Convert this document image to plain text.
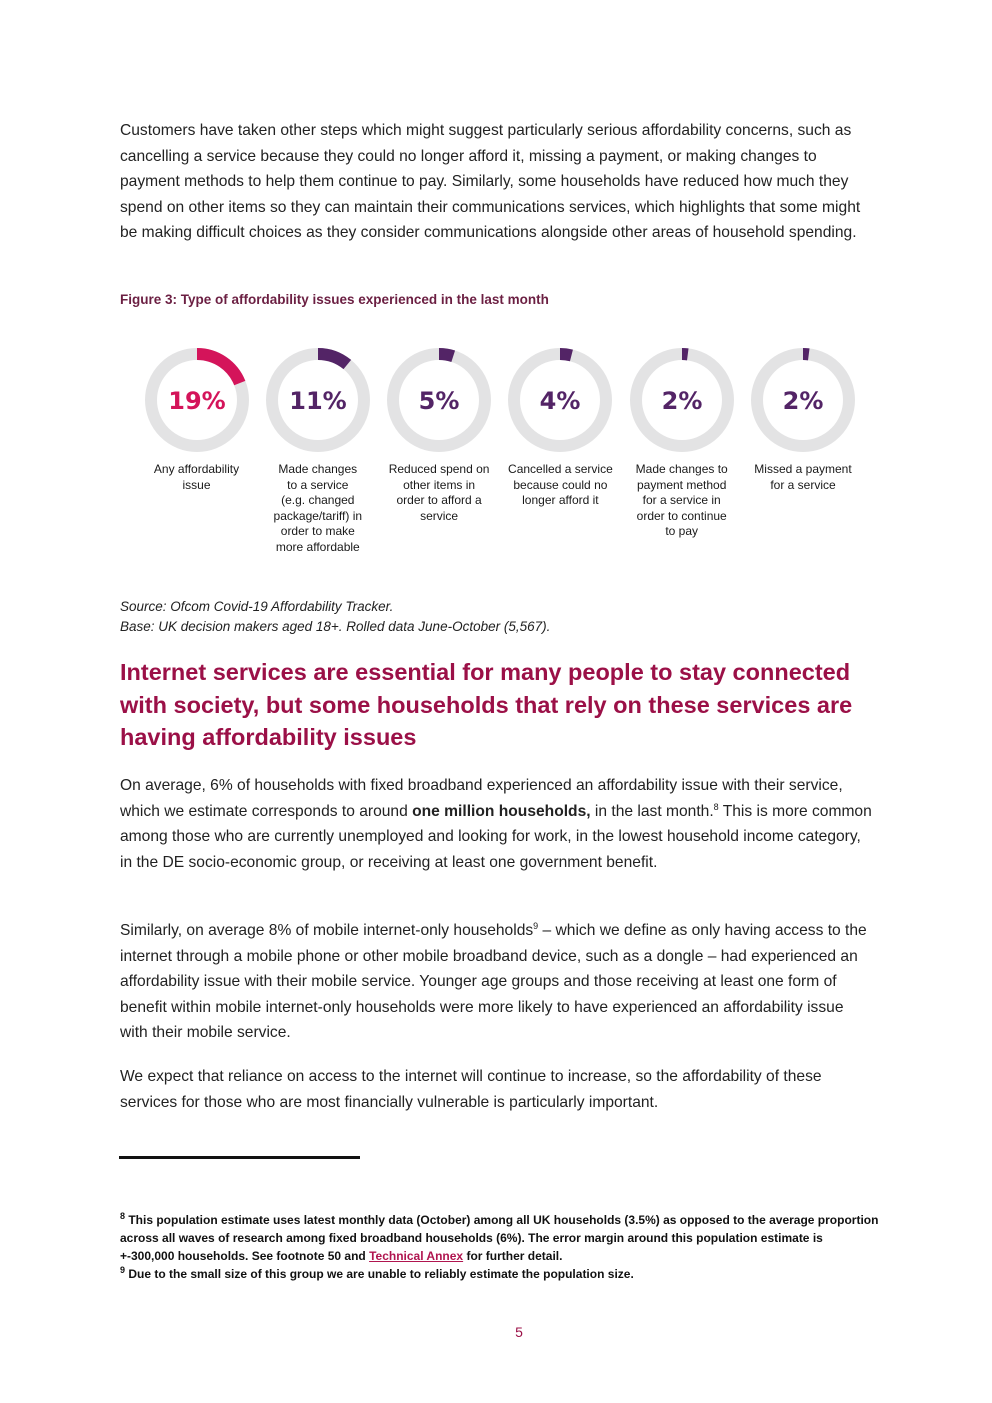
Customers have taken other steps which might suggest particularly serious affordability concerns, such as cancelling a service because they could no longer afford it, missing a payment, or making changes to payment methods to help them continue to pay. Similarly, some households have reduced how much they spend on other items so they can maintain their communications services, which highlights that some might be making difficult choices as they consider communications alongside other areas of household spending.

Figure 3: Type of affordability issues experienced in the last month

19%
Any affordability
issue
11%
Made changes
to a service
(e.g. changed
package/tariff) in
order to make
more affordable
5%
Reduced spend on
other items in
order to afford a
service
4%
Cancelled a service
because could no
longer afford it
2%
Made changes to
payment method
for a service in
order to continue
to pay
2%
Missed a payment
for a service

Source: Ofcom Covid-19 Affordability Tracker.
Base: UK decision makers aged 18+. Rolled data June-October (5,567).

Internet services are essential for many people to stay connected with society, but some households that rely on these services are having affordability issues

On average, 6% of households with fixed broadband experienced an affordability issue with their service, which we estimate corresponds to around one million households, in the last month.$^8$ This is more common among those who are currently unemployed and looking for work, in the lowest household income category, in the DE socio-economic group, or receiving at least one government benefit.

Similarly, on average 8% of mobile internet-only households$^9$ – which we define as only having access to the internet through a mobile phone or other mobile broadband device, such as a dongle – had experienced an affordability issue with their mobile service. Younger age groups and those receiving at least one form of benefit within mobile internet-only households were more likely to have experienced an affordability issue with their mobile service.

We expect that reliance on access to the internet will continue to increase, so the affordability of these services for those who are most financially vulnerable is particularly important.

$^8$ This population estimate uses latest monthly data (October) among all UK households (3.5%) as opposed to the average proportion across all waves of research among fixed broadband households (6%). The error margin around this population estimate is +-300,000 households. See footnote 50 and Technical Annex for further detail.
$^9$ Due to the small size of this group we are unable to reliably estimate the population size.

5
